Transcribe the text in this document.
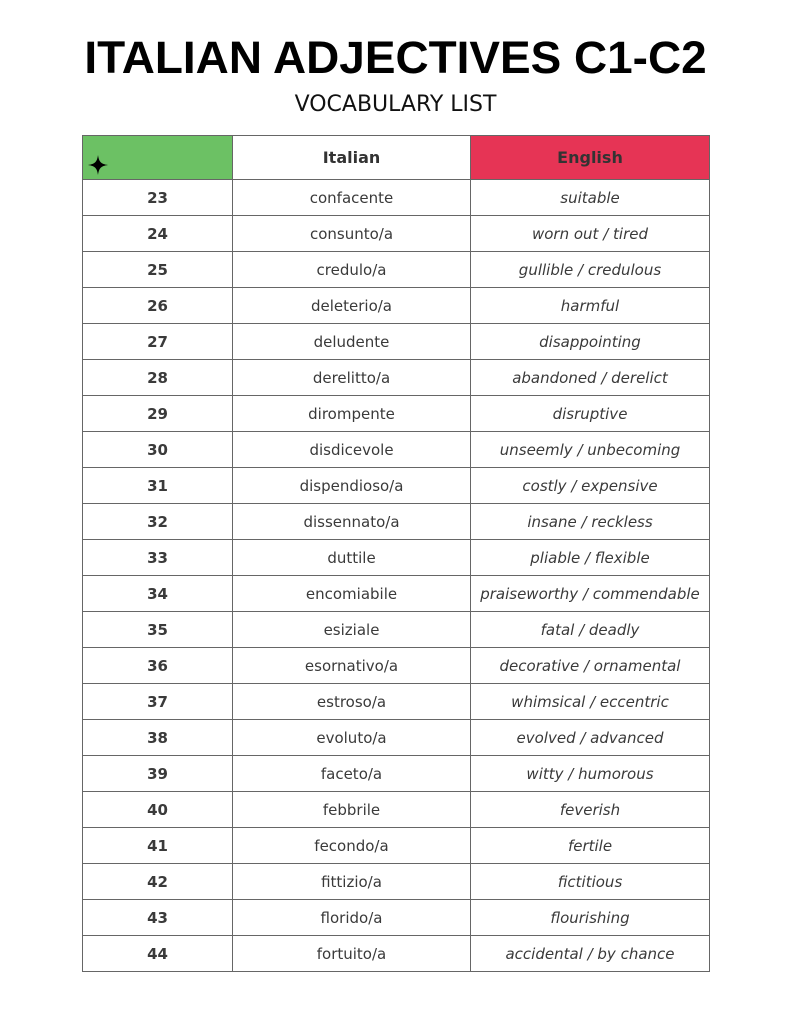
ITALIAN ADJECTIVES C1-C2
VOCABULARY LIST
	Italian	English
23	confacente	suitable
24	consunto/a	worn out / tired
25	credulo/a	gullible / credulous
26	deleterio/a	harmful
27	deludente	disappointing
28	derelitto/a	abandoned / derelict
29	dirompente	disruptive
30	disdicevole	unseemly / unbecoming
31	dispendioso/a	costly / expensive
32	dissennato/a	insane / reckless
33	duttile	pliable / flexible
34	encomiabile	praiseworthy / commendable
35	esiziale	fatal / deadly
36	esornativo/a	decorative / ornamental
37	estroso/a	whimsical / eccentric
38	evoluto/a	evolved / advanced
39	faceto/a	witty / humorous
40	febbrile	feverish
41	fecondo/a	fertile
42	fittizio/a	fictitious
43	florido/a	flourishing
44	fortuito/a	accidental / by chance
